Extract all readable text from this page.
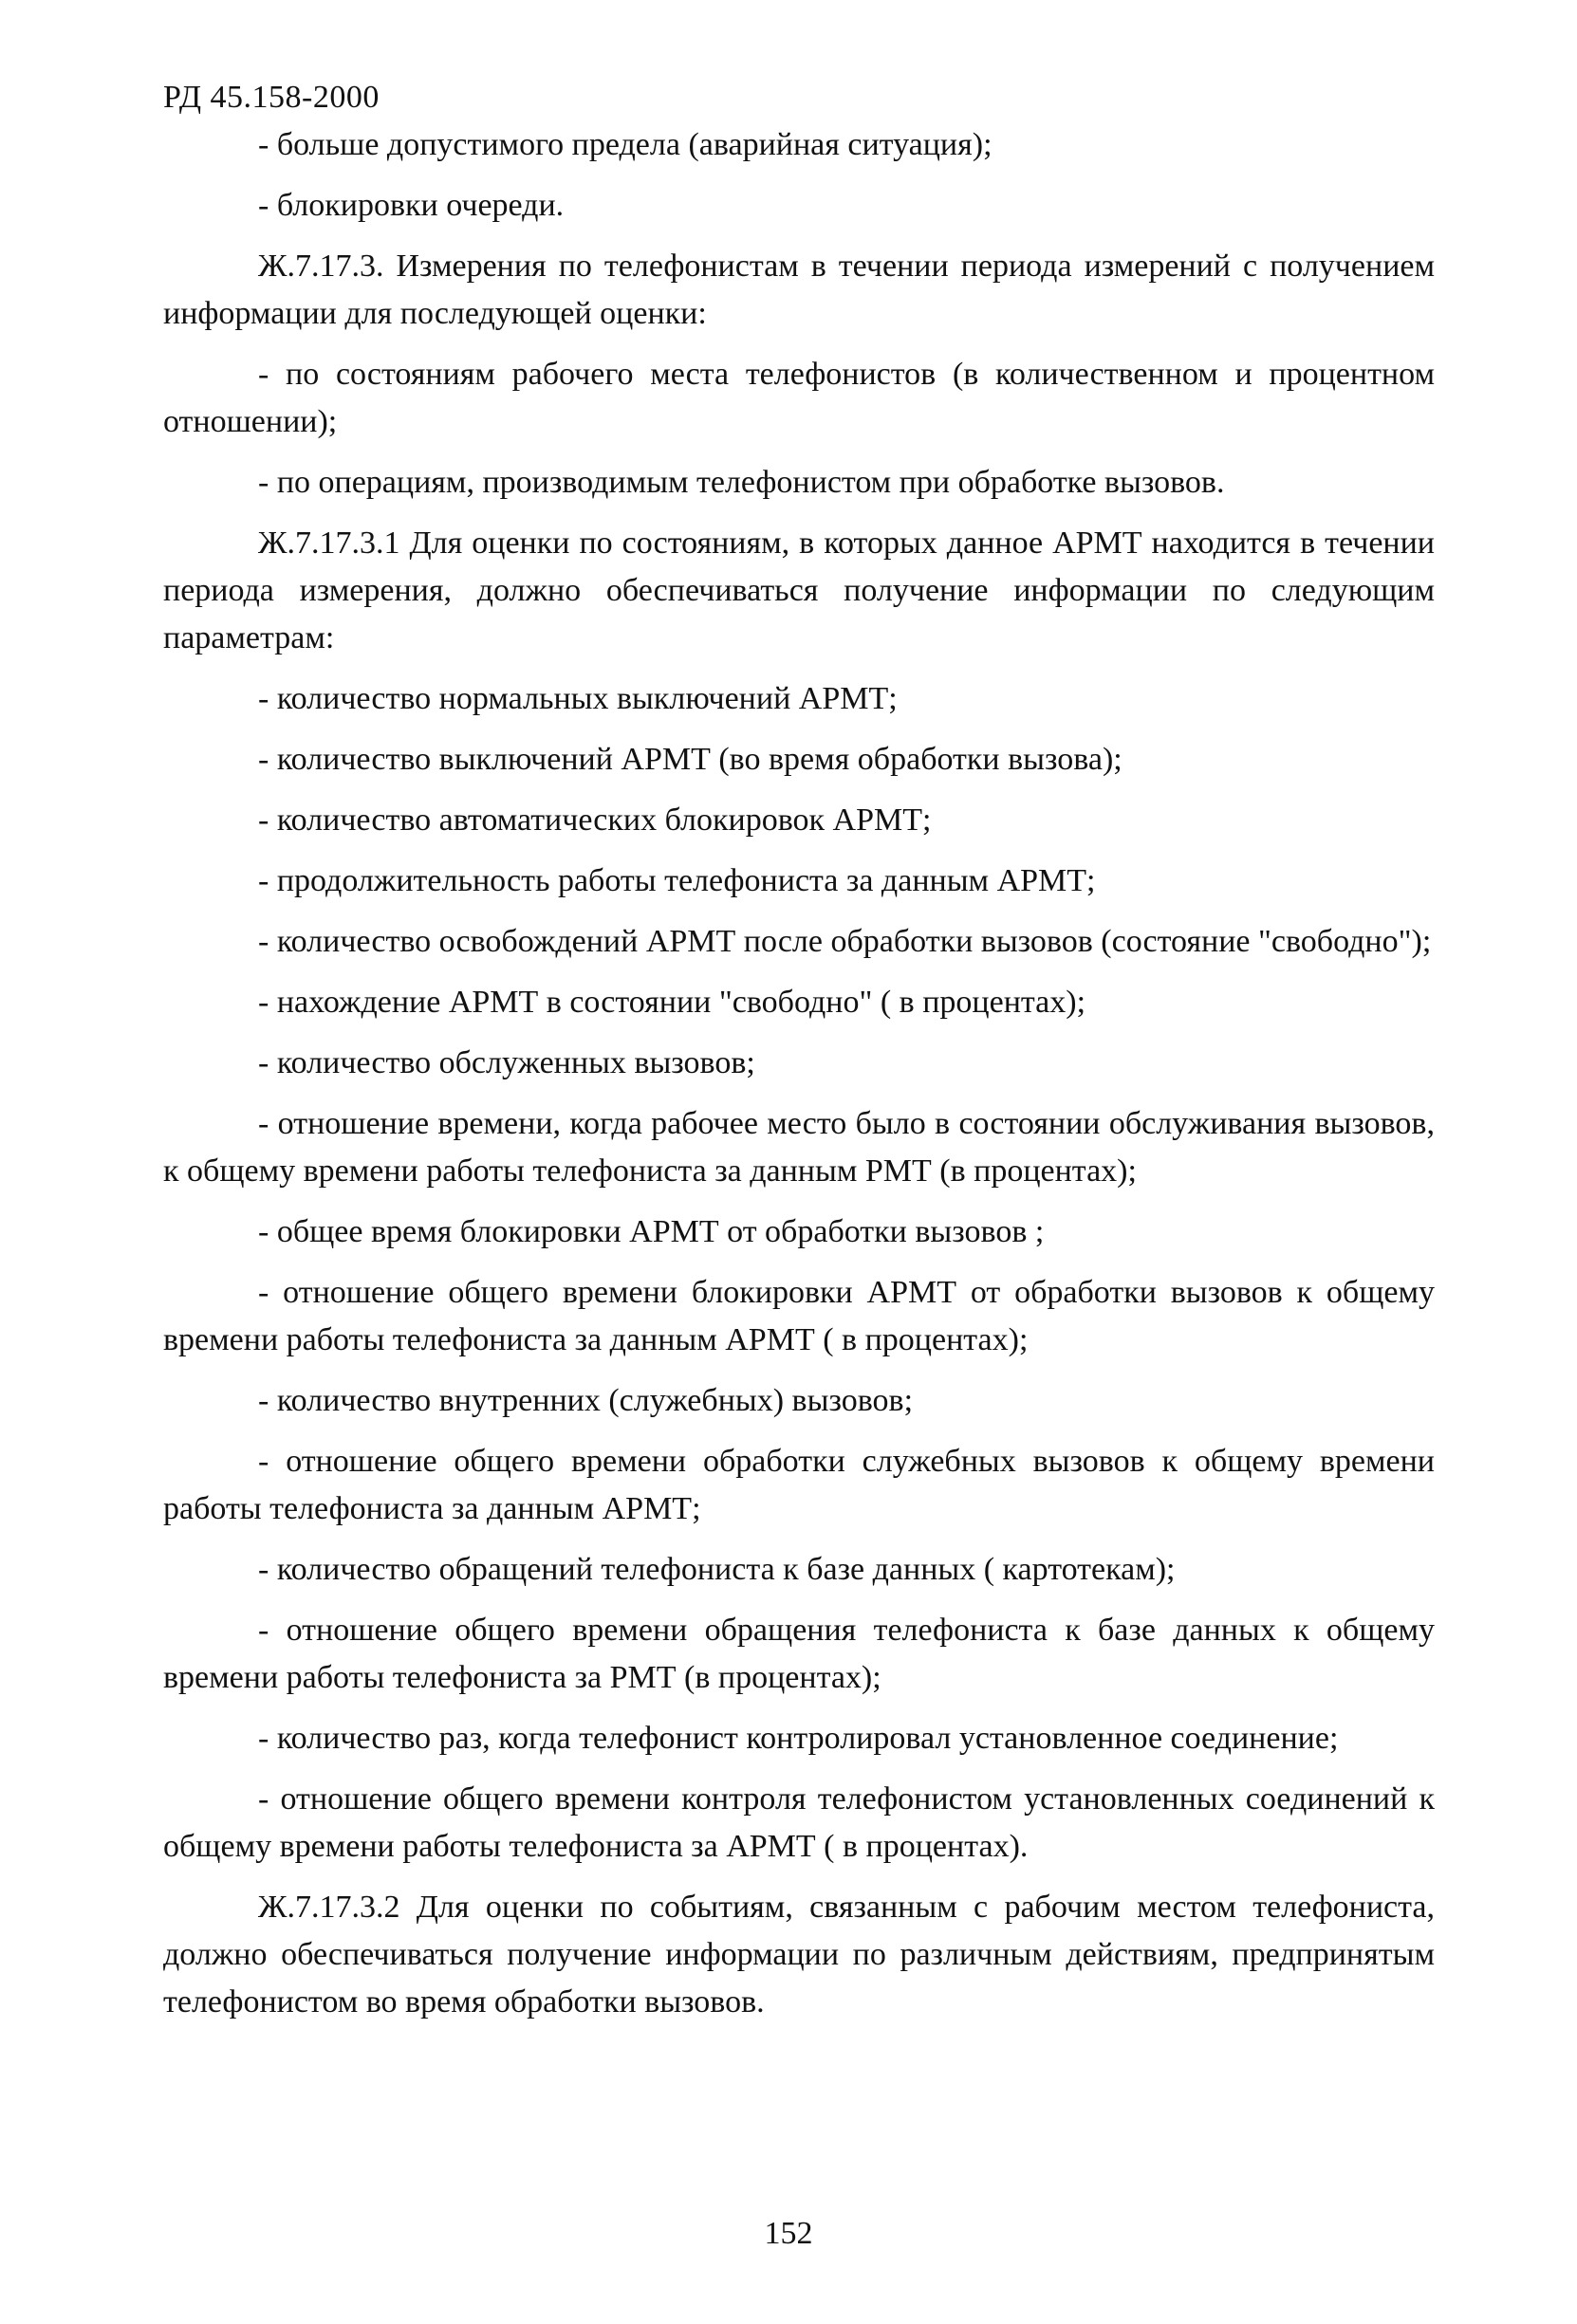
РД 45.158-2000

- больше допустимого предела (аварийная ситуация);

- блокировки очереди.

Ж.7.17.3. Измерения по телефонистам в течении периода измерений с получением информации для последующей оценки:

- по состояниям рабочего места телефонистов (в количественном и процентном отношении);

- по операциям, производимым телефонистом при обработке вызовов.

Ж.7.17.3.1 Для оценки по состояниям, в которых данное АРМТ находится в течении периода измерения, должно обеспечиваться получение информации по следующим параметрам:

- количество нормальных выключений АРМТ;

- количество выключений АРМТ (во время обработки вызова);

- количество автоматических блокировок АРМТ;

- продолжительность работы телефониста за данным АРМТ;

- количество освобождений АРМТ после обработки вызовов (состояние "свободно");

- нахождение АРМТ в состоянии "свободно" ( в процентах);

- количество обслуженных вызовов;

- отношение времени, когда рабочее место было в состоянии обслуживания вызовов, к общему времени работы телефониста за данным РМТ (в процентах);

- общее время блокировки АРМТ от обработки вызовов ;

- отношение общего времени блокировки АРМТ от обработки вызовов к общему времени работы телефониста за данным АРМТ ( в процентах);

- количество внутренних (служебных) вызовов;

- отношение общего времени обработки служебных вызовов к общему времени работы телефониста за данным АРМТ;

- количество обращений телефониста к базе данных ( картотекам);

- отношение общего времени обращения телефониста к базе данных к общему времени работы телефониста за РМТ (в процентах);

- количество раз, когда телефонист контролировал установленное соединение;

- отношение общего времени контроля телефонистом установленных соединений к общему времени работы телефониста за АРМТ ( в процентах).

Ж.7.17.3.2 Для оценки по событиям, связанным с рабочим местом телефониста, должно обеспечиваться получение информации по различным действиям, предпринятым телефонистом во время обработки вызовов.

152
